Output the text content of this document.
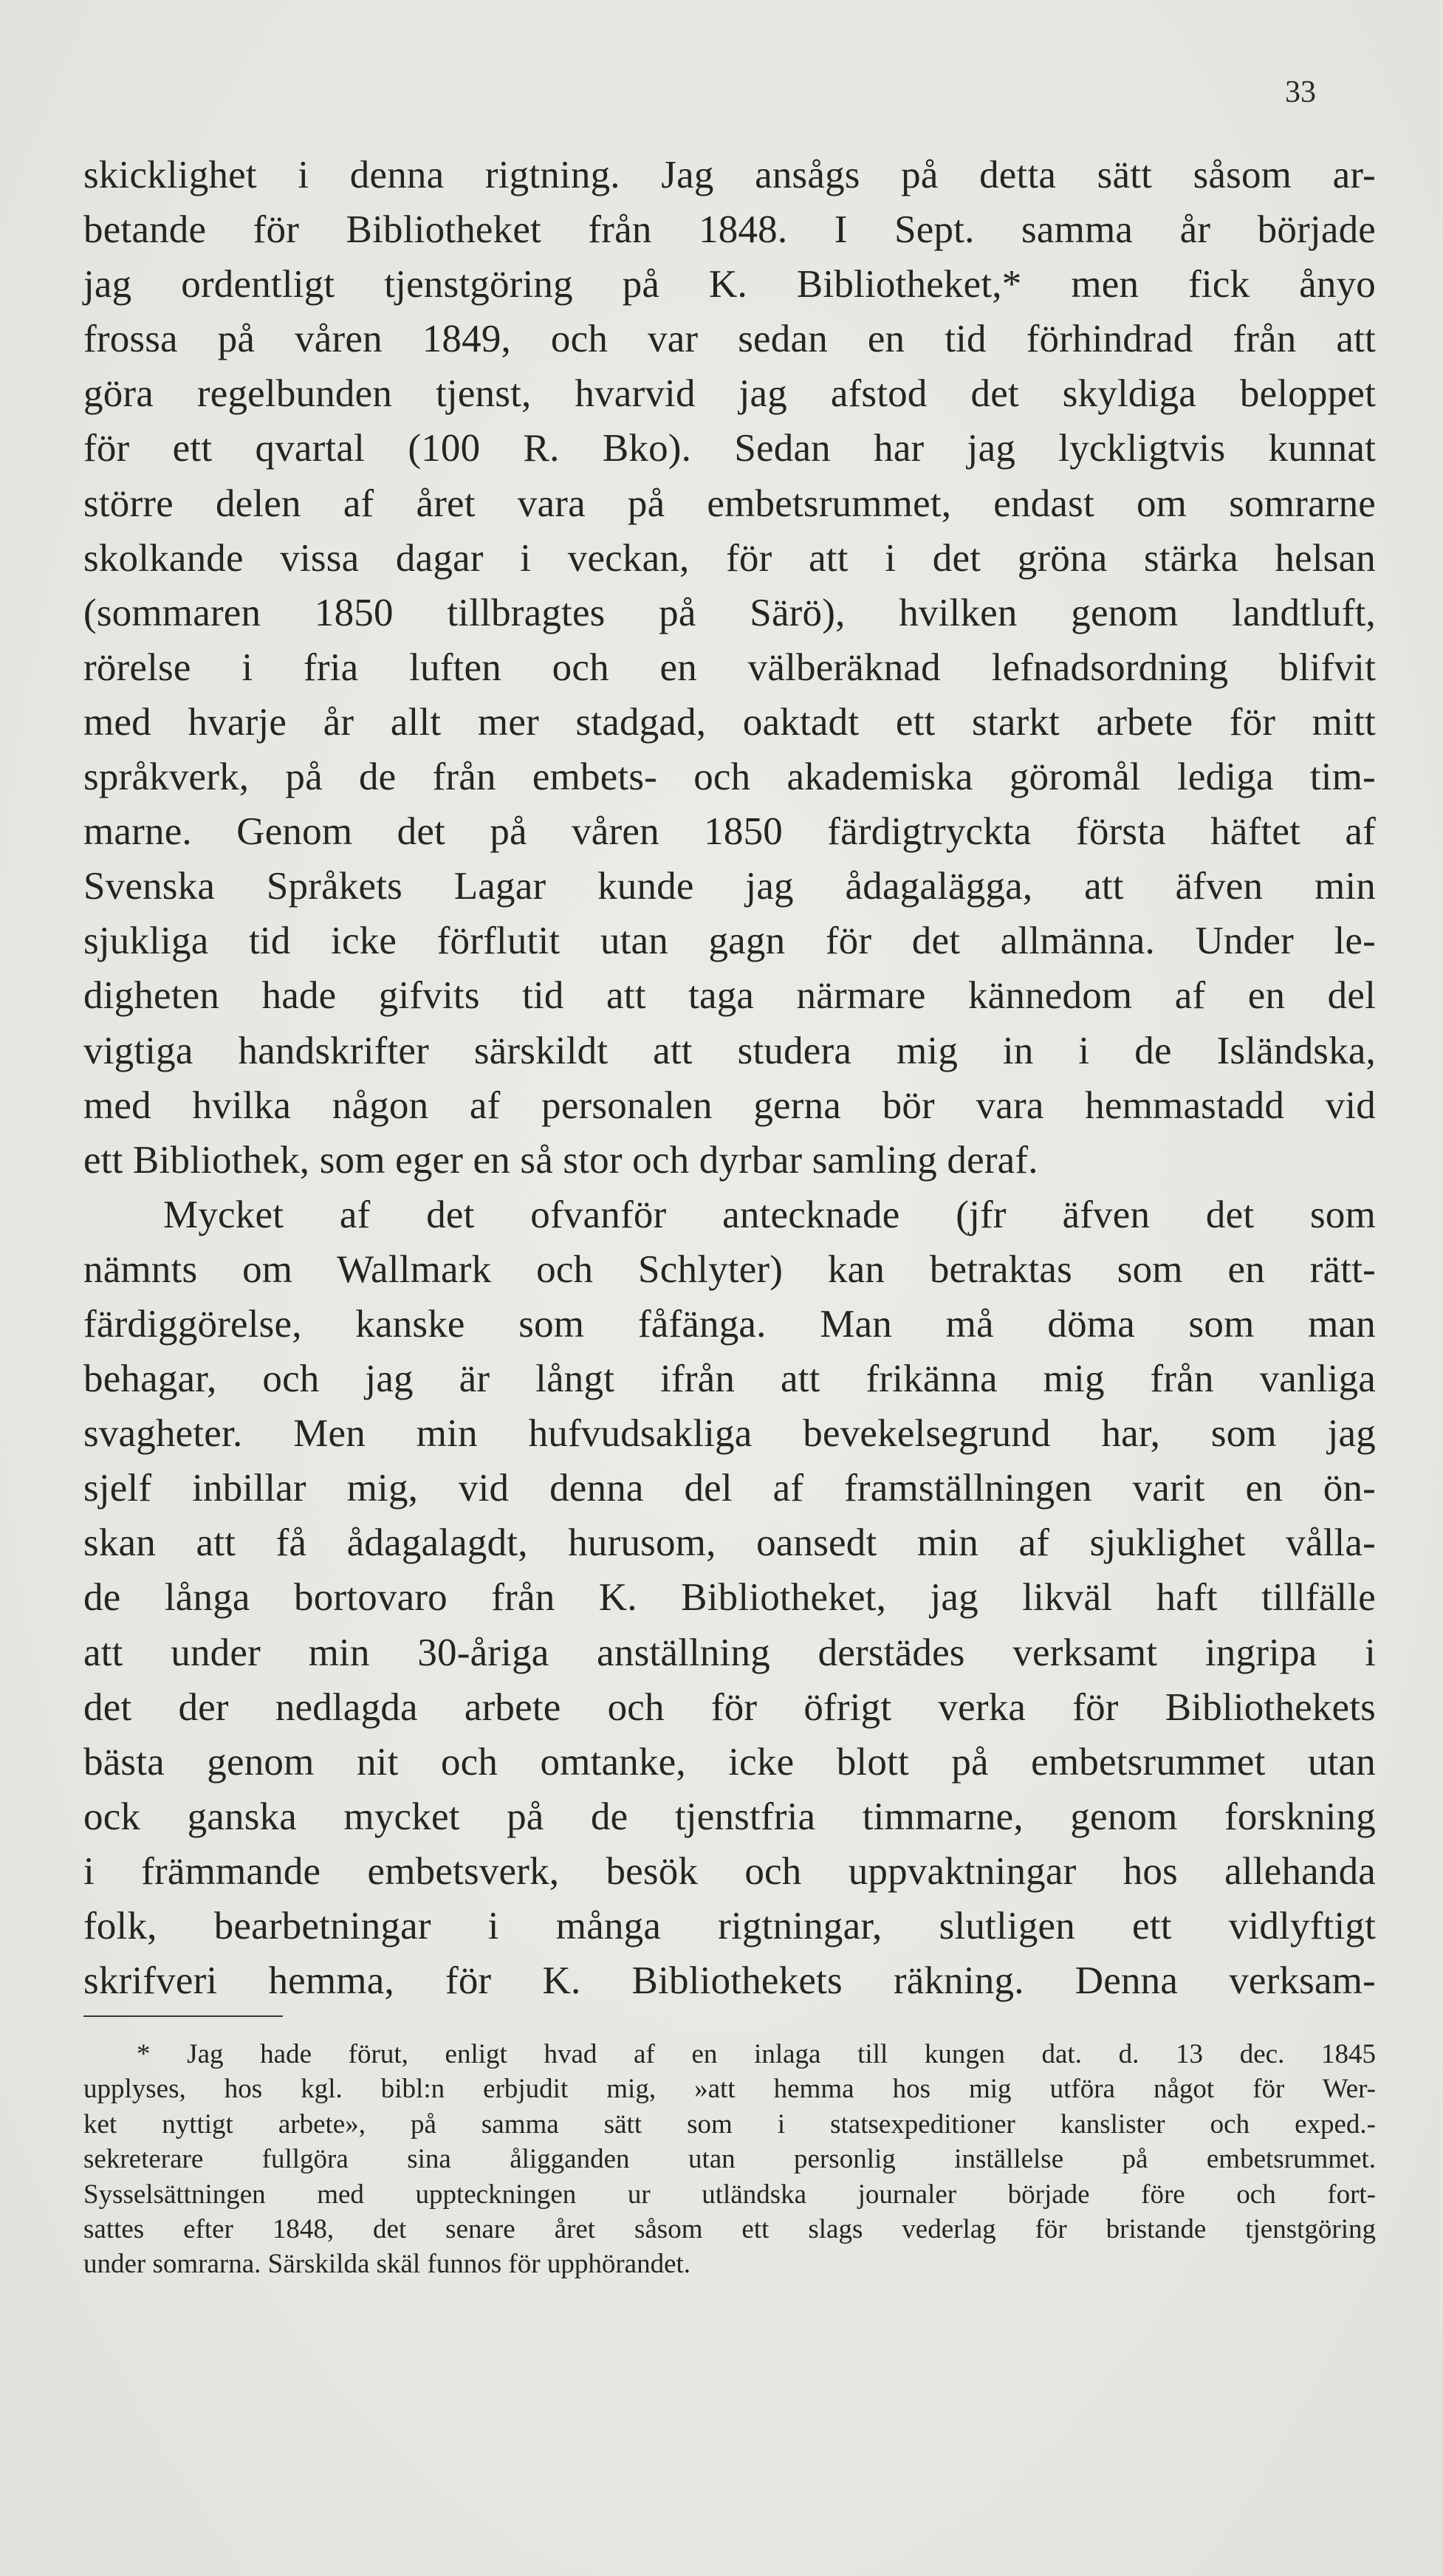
33
skicklighet i denna rigtning. Jag ansågs på detta sätt såsom ar-
betande för Bibliotheket från 1848. I Sept. samma år började
jag ordentligt tjenstgöring på K. Bibliotheket,* men fick ånyo
frossa på våren 1849, och var sedan en tid förhindrad från att
göra regelbunden tjenst, hvarvid jag afstod det skyldiga beloppet
för ett qvartal (100 R. Bko). Sedan har jag lyckligtvis kunnat
större delen af året vara på embetsrummet, endast om somrarne
skolkande vissa dagar i veckan, för att i det gröna stärka helsan
(sommaren 1850 tillbragtes på Särö), hvilken genom landtluft,
rörelse i fria luften och en välberäknad lefnadsordning blifvit
med hvarje år allt mer stadgad, oaktadt ett starkt arbete för mitt
språkverk, på de från embets- och akademiska göromål lediga tim-
marne. Genom det på våren 1850 färdigtryckta första häftet af
Svenska Språkets Lagar kunde jag ådagalägga, att äfven min
sjukliga tid icke förflutit utan gagn för det allmänna. Under le-
digheten hade gifvits tid att taga närmare kännedom af en del
vigtiga handskrifter särskildt att studera mig in i de Isländska,
med hvilka någon af personalen gerna bör vara hemmastadd vid
ett Bibliothek, som eger en så stor och dyrbar samling deraf.
Mycket af det ofvanför antecknade (jfr äfven det som
nämnts om Wallmark och Schlyter) kan betraktas som en rätt-
färdiggörelse, kanske som fåfänga. Man må döma som man
behagar, och jag är långt ifrån att frikänna mig från vanliga
svagheter. Men min hufvudsakliga bevekelsegrund har, som jag
sjelf inbillar mig, vid denna del af framställningen varit en ön-
skan att få ådagalagdt, hurusom, oansedt min af sjuklighet vålla-
de långa bortovaro från K. Bibliotheket, jag likväl haft tillfälle
att under min 30-åriga anställning derstädes verksamt ingripa i
det der nedlagda arbete och för öfrigt verka för Bibliothekets
bästa genom nit och omtanke, icke blott på embetsrummet utan
ock ganska mycket på de tjenstfria timmarne, genom forskning
i främmande embetsverk, besök och uppvaktningar hos allehanda
folk, bearbetningar i många rigtningar, slutligen ett vidlyftigt
skrifveri hemma, för K. Bibliothekets räkning. Denna verksam-
* Jag hade förut, enligt hvad af en inlaga till kungen dat. d. 13 dec. 1845
upplyses, hos kgl. bibl:n erbjudit mig, »att hemma hos mig utföra något för Wer-
ket nyttigt arbete», på samma sätt som i statsexpeditioner kanslister och exped.-
sekreterare fullgöra sina åligganden utan personlig inställelse på embetsrummet.
Sysselsättningen med uppteckningen ur utländska journaler började före och fort-
sattes efter 1848, det senare året såsom ett slags vederlag för bristande tjenstgöring
under somrarna. Särskilda skäl funnos för upphörandet.
